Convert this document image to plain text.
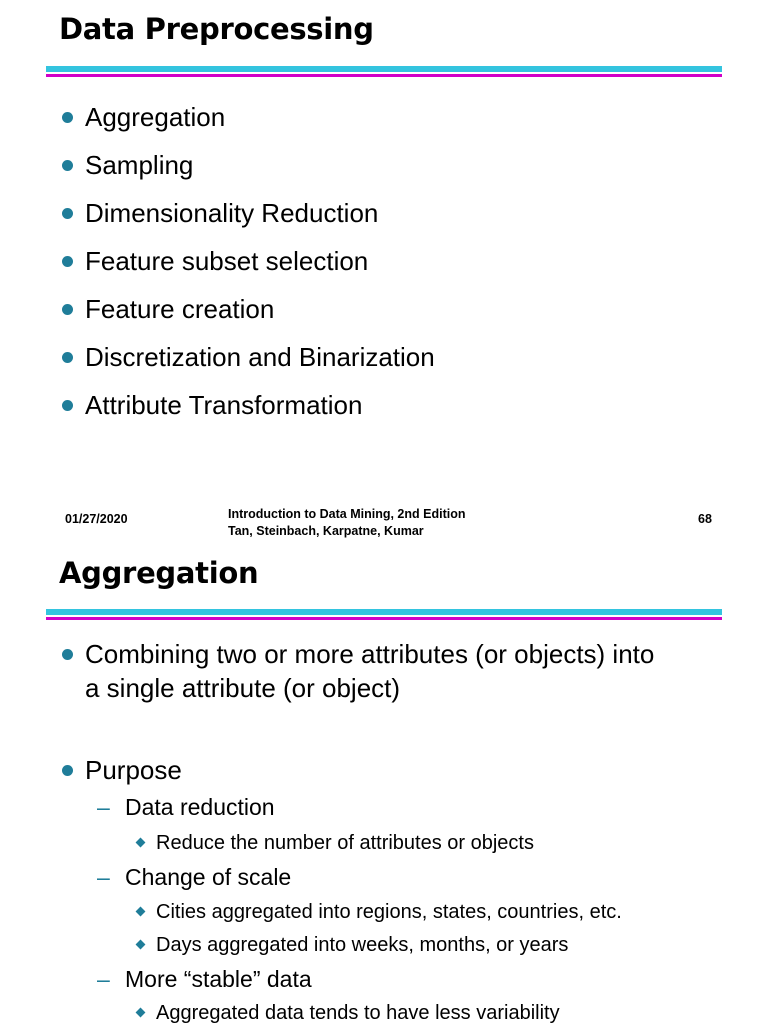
Data Preprocessing
Aggregation
Sampling
Dimensionality Reduction
Feature subset selection
Feature creation
Discretization and Binarization
Attribute Transformation
01/27/2020	Introduction to Data Mining, 2nd Edition
Tan, Steinbach, Karpatne, Kumar
68
Aggregation
Combining two or more attributes (or objects) into
a single attribute (or object)
Purpose
– Data reduction
Reduce the number of attributes or objects
– Change of scale
Cities aggregated into regions, states, countries, etc.
Days aggregated into weeks, months, or years
– More “stable” data
Aggregated data tends to have less variability
